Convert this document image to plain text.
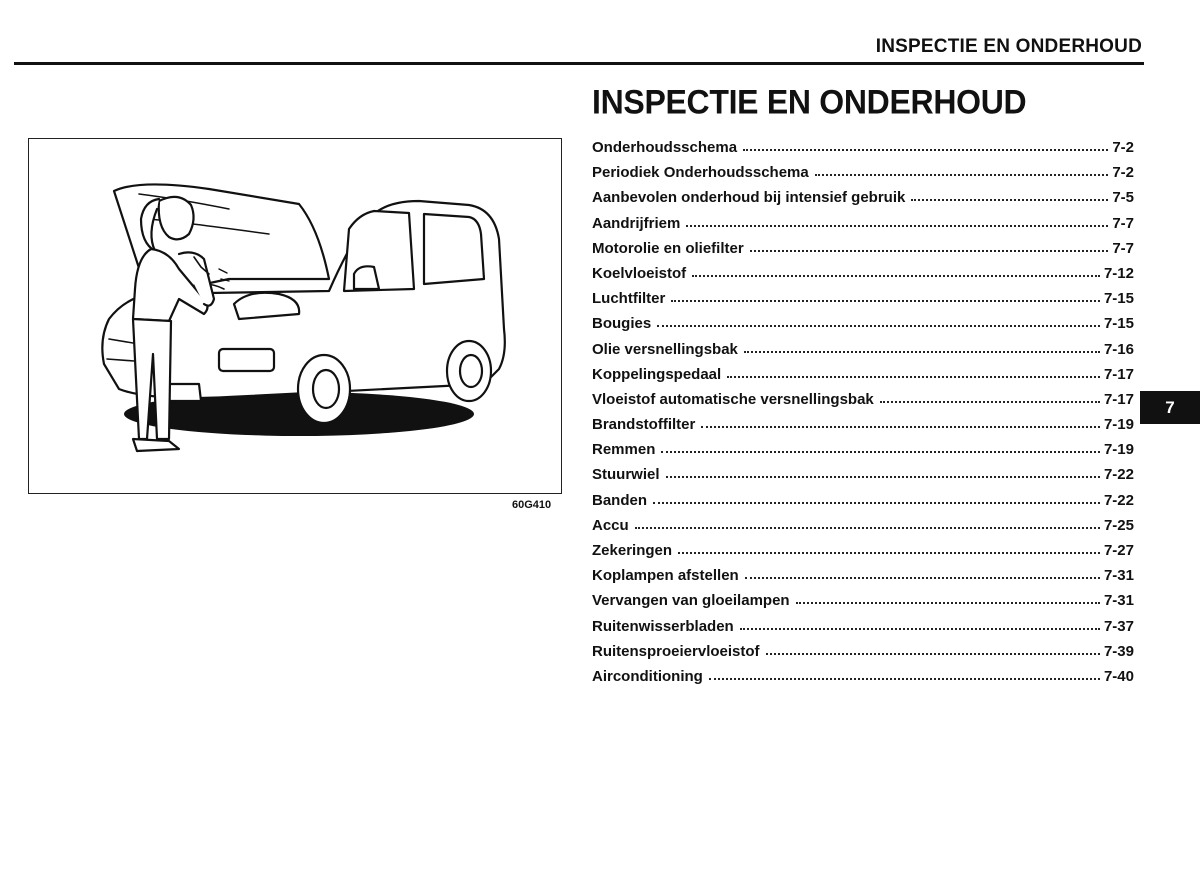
INSPECTIE EN ONDERHOUD
INSPECTIE EN ONDERHOUD
60G410
Onderhoudsschema	7-2
Periodiek Onderhoudsschema	7-2
Aanbevolen onderhoud bij intensief gebruik	7-5
Aandrijfriem	7-7
Motorolie en oliefilter	7-7
Koelvloeistof	7-12
Luchtfilter	7-15
Bougies	7-15
Olie versnellingsbak	7-16
Koppelingspedaal	7-17
Vloeistof automatische versnellingsbak	7-17
Brandstoffilter	7-19
Remmen	7-19
Stuurwiel	7-22
Banden	7-22
Accu	7-25
Zekeringen	7-27
Koplampen afstellen	7-31
Vervangen van gloeilampen	7-31
Ruitenwisserbladen	7-37
Ruitensproeiervloeistof	7-39
Airconditioning	7-40
7
